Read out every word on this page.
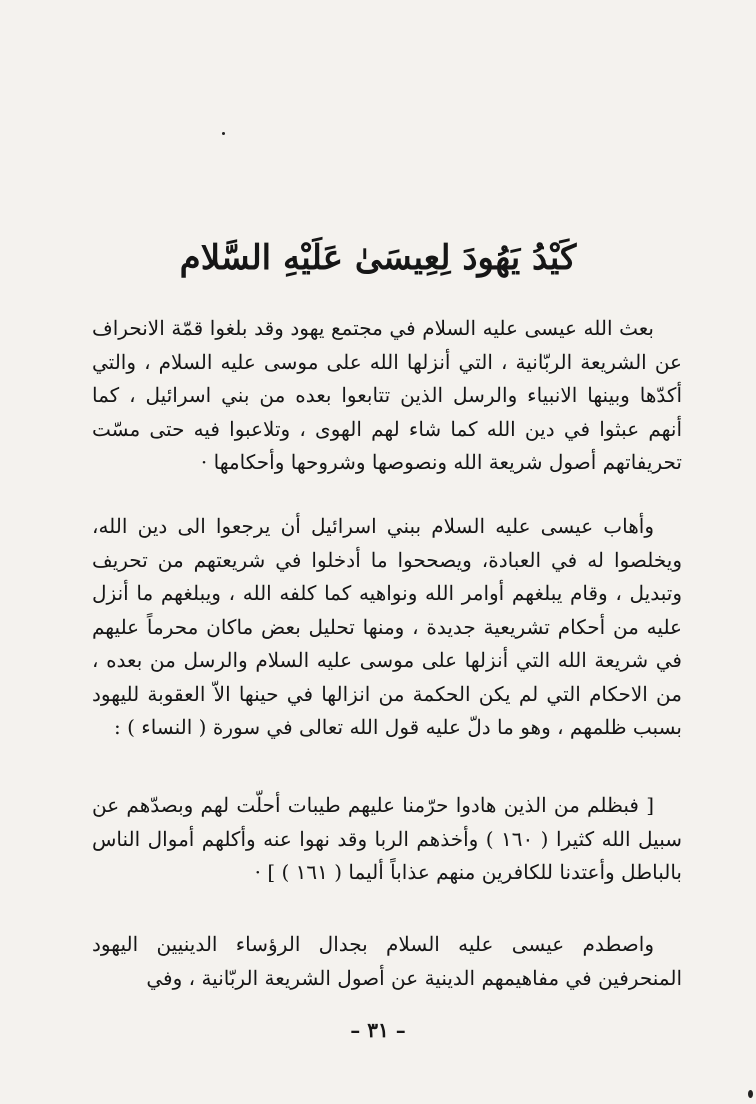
كَيْدُ يَهُودَ لِعِيسَىٰ عَلَيْهِ السَّلام

بعث الله عيسى عليه السلام في مجتمع يهود وقد بلغوا قمّة الانحراف عن الشريعة الربّانية ، التي أنزلها الله على موسى عليه السلام ، والتي أكدّها وبينها الانبياء والرسل الذين تتابعوا بعده من بني اسرائيل ، كما أنهم عبثوا في دين الله كما شاء لهم الهوى ، وتلاعبوا فيه حتى مسّت تحريفاتهم أصول شريعة الله ونصوصها وشروحها وأحكامها ·

وأهاب عيسى عليه السلام ببني اسرائيل أن يرجعوا الى دين الله، ويخلصوا له في العبادة، ويصححوا ما أدخلوا في شريعتهم من تحريف وتبديل ، وقام يبلغهم أوامر الله ونواهيه كما كلفه الله ، ويبلغهم ما أنزل عليه من أحكام تشريعية جديدة ، ومنها تحليل بعض ماكان محرماً عليهم في شريعة الله التي أنزلها على موسى عليه السلام والرسل من بعده ، من الاحكام التي لم يكن الحكمة من انزالها في حينها الاّ العقوبة لليهود بسبب ظلمهم ، وهو ما دلّ عليه قول الله تعالى في سورة ( النساء ) :

[ فبظلم من الذين هادوا حرّمنا عليهم طيبات أحلّت لهم وبصدّهم عن سبيل الله كثيرا ( ١٦٠ ) وأخذهم الربا وقد نهوا عنه وأكلهم أموال الناس بالباطل وأعتدنا للكافرين منهم عذاباً أليما ( ١٦١ ) ] ·

واصطدم عيسى عليه السلام بجدال الرؤساء الدينيين اليهود المنحرفين في مفاهيمهم الدينية عن أصول الشريعة الربّانية ، وفي

– ٣١ –
